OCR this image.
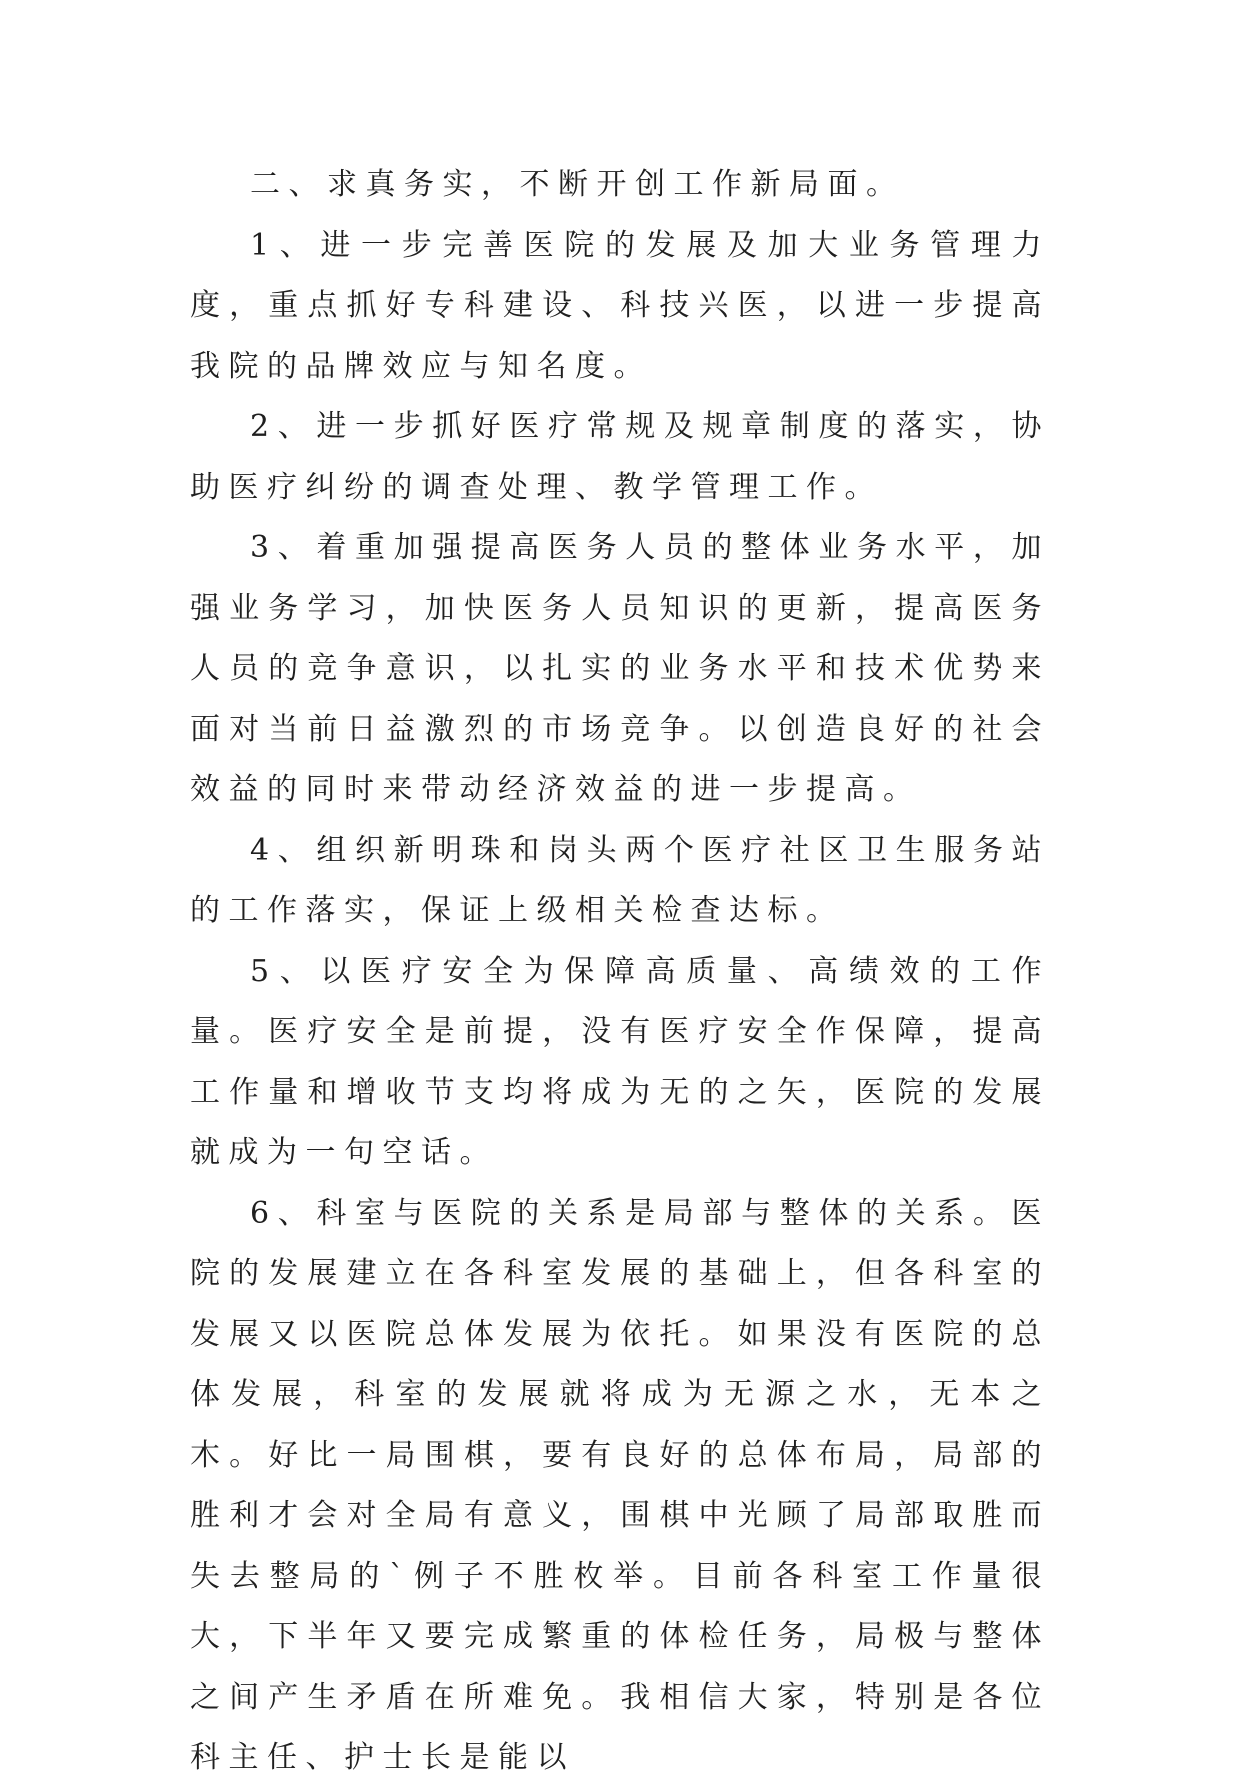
二、求真务实，不断开创工作新局面。

1、进一步完善医院的发展及加大业务管理力度，重点抓好专科建设、科技兴医，以进一步提高我院的品牌效应与知名度。

2、进一步抓好医疗常规及规章制度的落实，协助医疗纠纷的调查处理、教学管理工作。

3、着重加强提高医务人员的整体业务水平，加强业务学习，加快医务人员知识的更新，提高医务人员的竞争意识，以扎实的业务水平和技术优势来面对当前日益激烈的市场竞争。以创造良好的社会效益的同时来带动经济效益的进一步提高。

4、组织新明珠和岗头两个医疗社区卫生服务站的工作落实，保证上级相关检查达标。

5、以医疗安全为保障高质量、高绩效的工作量。医疗安全是前提，没有医疗安全作保障，提高工作量和增收节支均将成为无的之矢，医院的发展就成为一句空话。

6、科室与医院的关系是局部与整体的关系。医院的发展建立在各科室发展的基础上，但各科室的发展又以医院总体发展为依托。如果没有医院的总体发展，科室的发展就将成为无源之水，无本之木。好比一局围棋，要有良好的总体布局，局部的胜利才会对全局有意义，围棋中光顾了局部取胜而失去整局的`例子不胜枚举。目前各科室工作量很大，下半年又要完成繁重的体检任务，局极与整体之间产生矛盾在所难免。我相信大家，特别是各位科主任、护士长是能以
